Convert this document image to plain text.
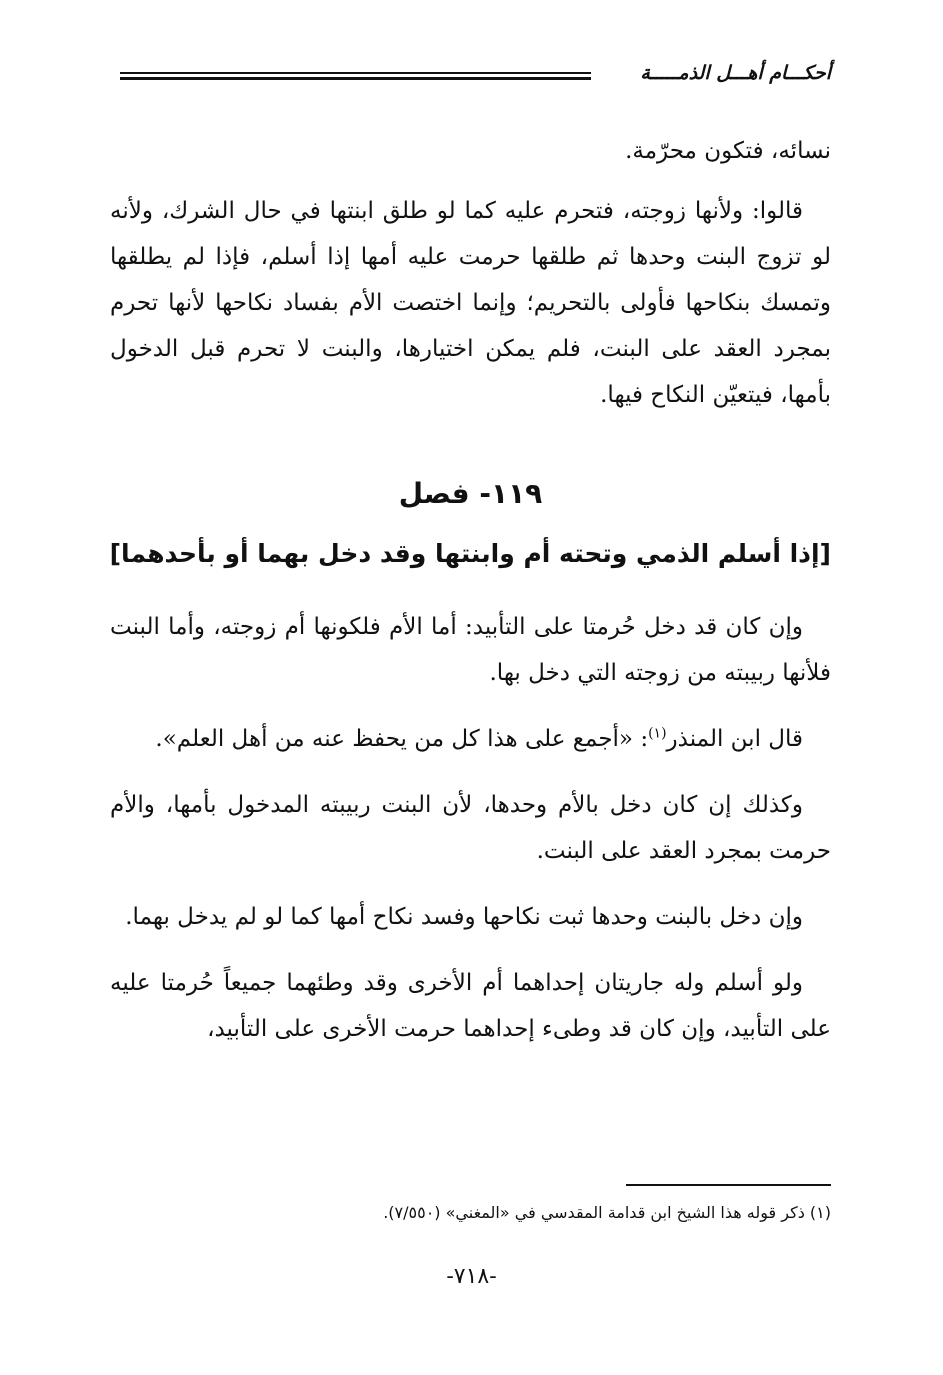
أحكـــام أهـــل الذمـــــة

نسائه، فتكون محرّمة.

قالوا: ولأنها زوجته، فتحرم عليه كما لو طلق ابنتها في حال الشرك، ولأنه لو تزوج البنت وحدها ثم طلقها حرمت عليه أمها إذا أسلم، فإذا لم يطلقها وتمسك بنكاحها فأولى بالتحريم؛ وإنما اختصت الأم بفساد نكاحها لأنها تحرم بمجرد العقد على البنت، فلم يمكن اختيارها، والبنت لا تحرم قبل الدخول بأمها، فيتعيّن النكاح فيها.

١١٩- فصل
[إذا أسلم الذمي وتحته أم وابنتها وقد دخل بهما أو بأحدهما]

وإن كان قد دخل حُرمتا على التأبيد: أما الأم فلكونها أم زوجته، وأما البنت فلأنها ربيبته من زوجته التي دخل بها.

قال ابن المنذر$^{(١)}$: «أجمع على هذا كل من يحفظ عنه من أهل العلم».

وكذلك إن كان دخل بالأم وحدها، لأن البنت ربيبته المدخول بأمها، والأم حرمت بمجرد العقد على البنت.

وإن دخل بالبنت وحدها ثبت نكاحها وفسد نكاح أمها كما لو لم يدخل بهما.

ولو أسلم وله جاريتان إحداهما أم الأخرى وقد وطئهما جميعاً حُرمتا عليه على التأبيد، وإن كان قد وطىء إحداهما حرمت الأخرى على التأبيد،

(١) ذكر قوله هذا الشيخ ابن قدامة المقدسي في «المغني» (٧/٥٥٠).
-٧١٨-
